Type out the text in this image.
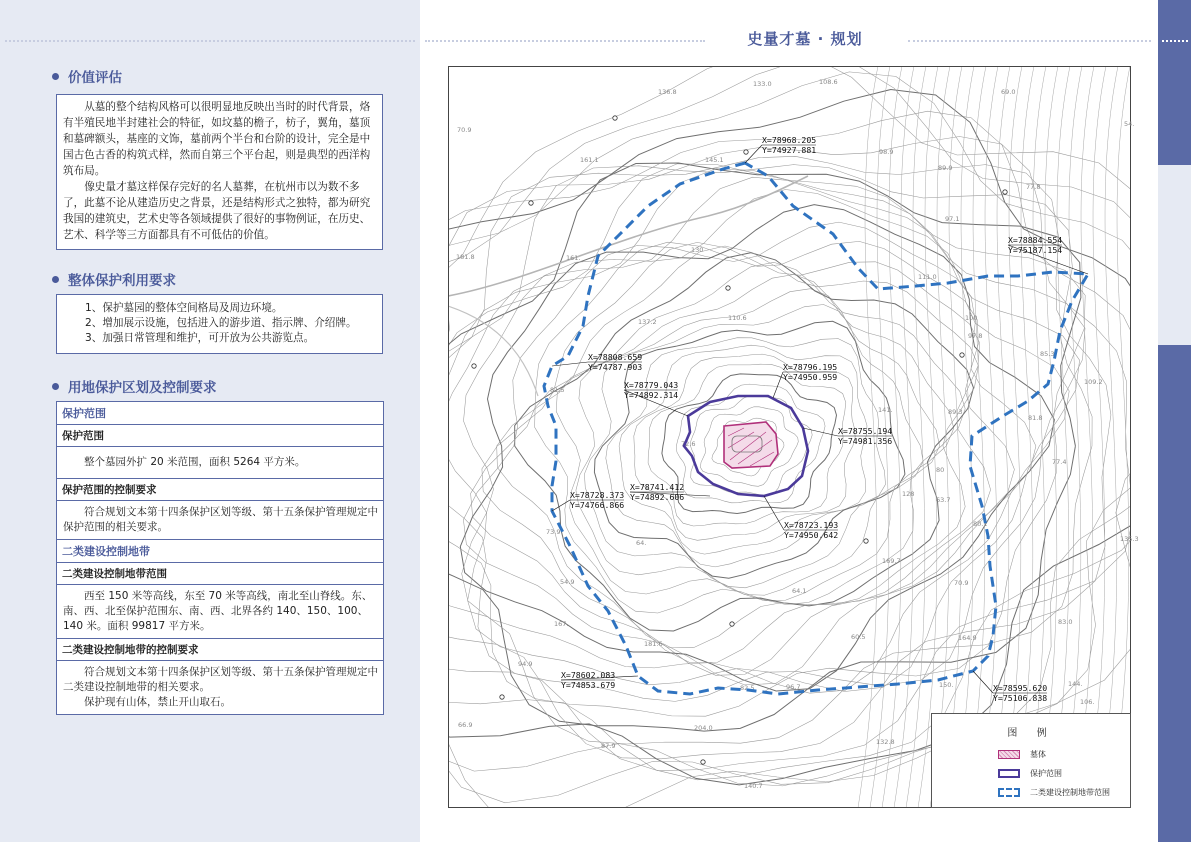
史量才墓 · 规划
价值评估

从墓的整个结构风格可以很明显地反映出当时的时代背景，烙有半殖民地半封建社会的特征，如坟墓的檐子，枋子，翼角，墓顶和墓碑额头，基座的文饰，墓前两个半台和台阶的设计，完全是中国古色古香的构筑式样，然而自第三个平台起，则是典型的西洋构筑布局。

像史量才墓这样保存完好的名人墓葬，在杭州市以为数不多了，此墓不论从建造历史之背景，还是结构形式之独特，都为研究我国的建筑史，艺术史等各领域提供了很好的事物例证，在历史、艺术、科学等三方面都具有不可低估的价值。

整体保护利用要求
1、保护墓园的整体空间格局及周边环境。
2、增加展示设施，包括进入的游步道、指示牌、介绍牌。
3、加强日常管理和维护，可开放为公共游览点。
用地保护区划及控制要求
保护范围
保护范围

整个墓园外扩 20 米范围，面积 5264 平方米。

保护范围的控制要求

符合规划文本第十四条保护区划等级、第十五条保护管理规定中保护范围的相关要求。

二类建设控制地带
二类建设控制地带范围

西至 150 米等高线，东至 70 米等高线，南北至山脊线。东、南、西、北至保护范围东、南、西、北界各约 140、150、100、140 米。面积 99817 平方米。

二类建设控制地带的控制要求

符合规划文本第十四条保护区划等级、第十五条保护管理规定中二类建设控制地带的相关要求。

保护现有山体，禁止开山取石。

136.8
133.0	108.6
69.0
70.9
145.1
98.9
89.9
77.8
54.
161.1
97.1
181.8
130
111.0
161.
137.2	110.6	100
97.8
85.3
109.2
81.5
141.	89.3
81.8
72.6
128
80
77.4
63.7
80.1
73.9
64.
169.7
135.3
70.9
54.9
64.1
167.	83.0
181.6
60.5	164.9
94.9
82.5	150.	144.
96.7
106.
66.9	204.0
132.8
87.9
140.7
X=78968.205
Y=74927.881
X=78884.554
Y=75187.154
X=78808.659
Y=74787.903	X=78796.195
Y=74950.959
X=78779.043
Y=74892.314
X=78755.194
Y=74981.356
X=78741.412
Y=74892.606
X=78728.373
Y=74766.866
X=78723.193
Y=74950.642
X=78602.083
Y=74853.679	X=78595.620
Y=75106.838
图 例
墓体
保护范围
二类建设控制地带范围
